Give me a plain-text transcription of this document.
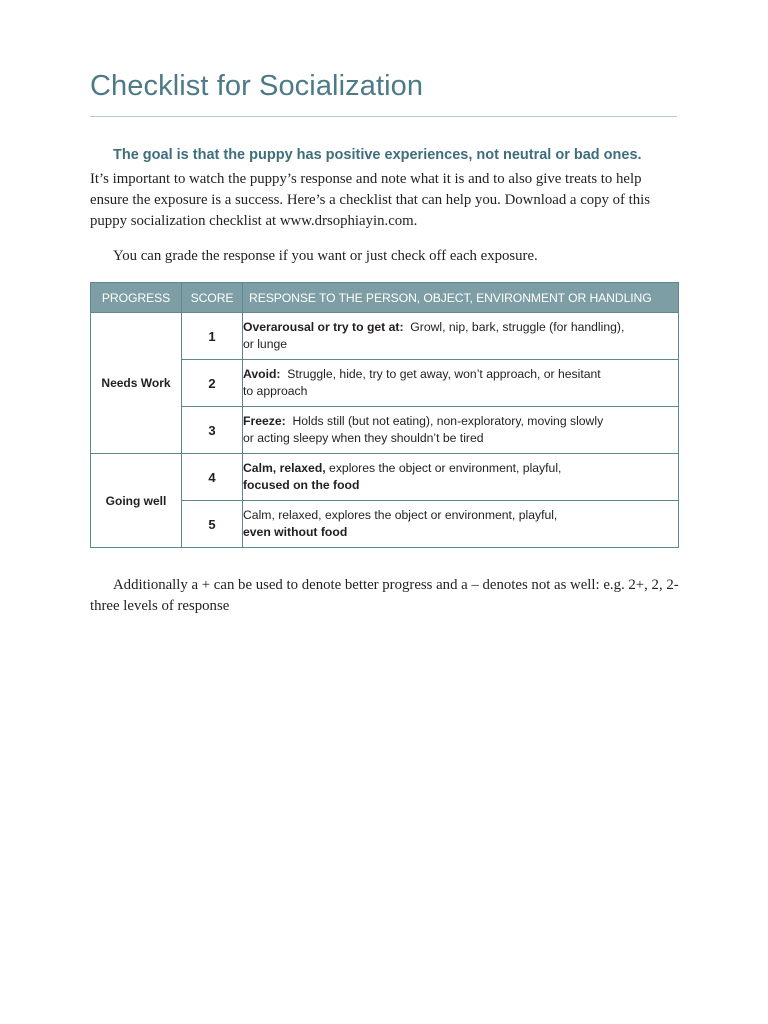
Checklist for Socialization

The goal is that the puppy has positive experiences, not neutral or bad ones.

It’s important to watch the puppy’s response and note what it is and to also give treats to help ensure the exposure is a success. Here’s a checklist that can help you. Download a copy of this puppy socialization checklist at www.drsophiayin.com.

You can grade the response if you want or just check off each exposure.

PROGRESS	SCORE	RESPONSE TO THE PERSON, OBJECT, ENVIRONMENT OR HANDLING
Needs Work	1	Overarousal or try to get at: Growl, nip, bark, struggle (for handling),
or lunge
	2	Avoid: Struggle, hide, try to get away, won’t approach, or hesitant
to approach
	3	Freeze: Holds still (but not eating), non-exploratory, moving slowly
or acting sleepy when they shouldn’t be tired
Going well	4	Calm, relaxed, explores the object or environment, playful,
focused on the food
	5	Calm, relaxed, explores the object or environment, playful,
even without food

Additionally a + can be used to denote better progress and a – denotes not as well: e.g. 2+, 2, 2- three levels of response
